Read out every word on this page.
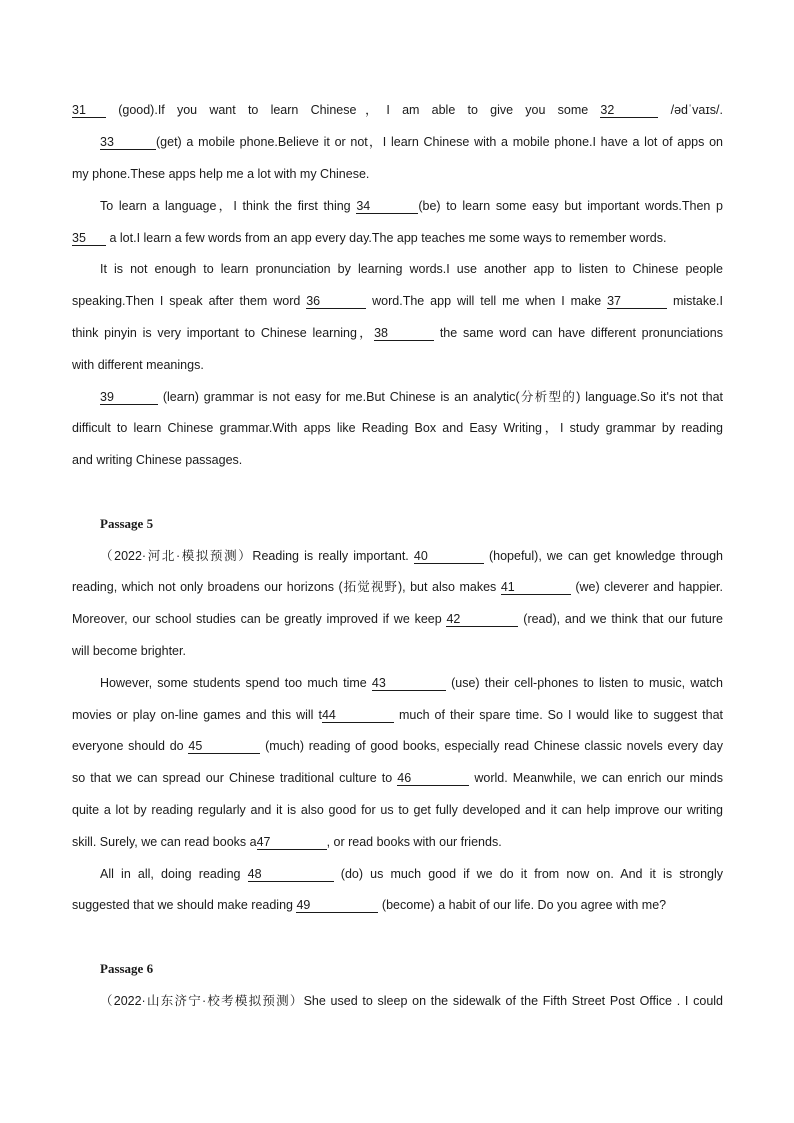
31 (good).If you want to learn Chinese，I am able to give you some 32	/ədˈvaɪs/.
33	(get) a mobile phone.Believe it or not，I learn Chinese with a mobile phone.I have a lot of apps on
my phone.These apps help me a lot with my Chinese.
To learn a language，I think the first thing 34	(be) to learn some easy but important words.Then p
35 a lot.I learn a few words from an app every day.The app teaches me some ways to remember words.
It is not enough to learn pronunciation by learning words.I use another app to listen to Chinese people
speaking.Then I speak after them word 36	word.The app will tell me when I make 37	mistake.I
think pinyin is very important to Chinese learning，38	the same word can have different pronunciations
with different meanings.
39	(learn) grammar is not easy for me.But Chinese is an analytic(分析型的) language.So it's not that
difficult to learn Chinese grammar.With apps like Reading Box and Easy Writing，I study grammar by reading
and writing Chinese passages.
Passage 5
（2022·河北·模拟预测）Reading is really important. 40	(hopeful), we can get knowledge through
reading, which not only broadens our horizons (拓觉视野), but also makes 41	(we) cleverer and happier.
Moreover, our school studies can be greatly improved if we keep 42	(read), and we think that our future
will become brighter.
However, some students spend too much time 43	(use) their cell-phones to listen to music, watch
movies or play on-line games and this will t44	much of their spare time. So I would like to suggest that
everyone should do 45	(much) reading of good books, especially read Chinese classic novels every day
so that we can spread our Chinese traditional culture to 46	world. Meanwhile, we can enrich our minds
quite a lot by reading regularly and it is also good for us to get fully developed and it can help improve our writing
skill. Surely, we can read books a47	, or read books with our friends.
All in all, doing reading 48	(do) us much good if we do it from now on. And it is strongly
suggested that we should make reading 49	(become) a habit of our life. Do you agree with me?
Passage 6
（2022·山东济宁·校考模拟预测）She used to sleep on the sidewalk of the Fifth Street Post Office . I could
